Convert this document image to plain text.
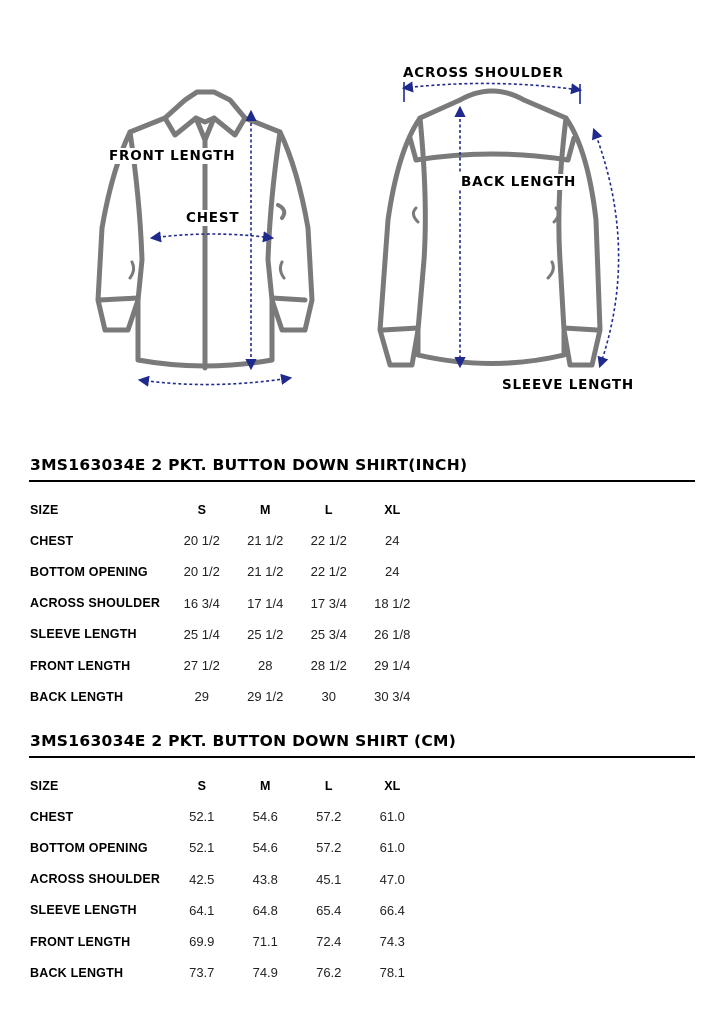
FRONT LENGTH
CHEST
ACROSS SHOULDER
BACK LENGTH
SLEEVE LENGTH
3MS163034E 2 PKT. BUTTON DOWN SHIRT(INCH)
SIZE	S	M	L	XL
CHEST	20 1/2	21 1/2	22 1/2	24
BOTTOM OPENING	20 1/2	21 1/2	22 1/2	24
ACROSS SHOULDER	16 3/4	17 1/4	17 3/4	18 1/2
SLEEVE LENGTH	25 1/4	25 1/2	25 3/4	26 1/8
FRONT LENGTH	27 1/2	28	28 1/2	29 1/4
BACK LENGTH	29	29 1/2	30	30 3/4
3MS163034E 2 PKT. BUTTON DOWN SHIRT (CM)
SIZE	S	M	L	XL
CHEST	52.1	54.6	57.2	61.0
BOTTOM OPENING	52.1	54.6	57.2	61.0
ACROSS SHOULDER	42.5	43.8	45.1	47.0
SLEEVE LENGTH	64.1	64.8	65.4	66.4
FRONT LENGTH	69.9	71.1	72.4	74.3
BACK LENGTH	73.7	74.9	76.2	78.1
